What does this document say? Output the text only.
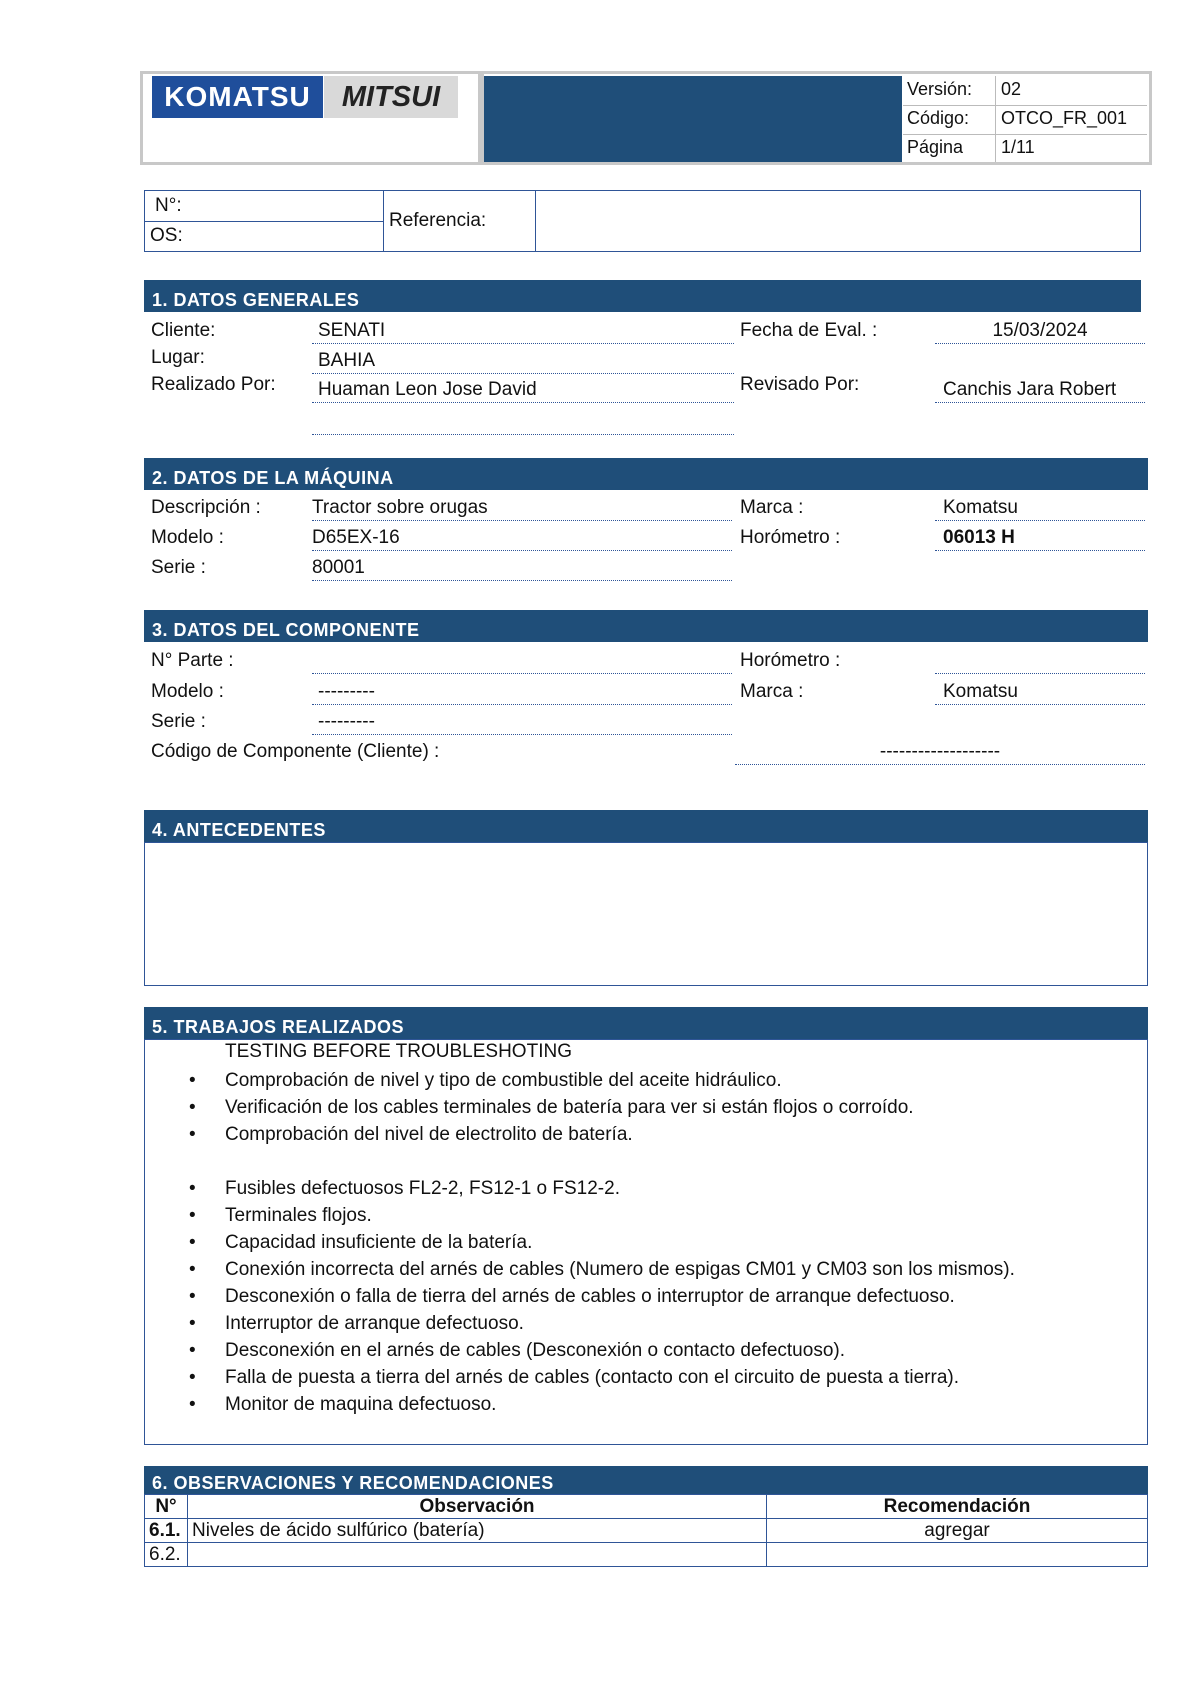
KOMATSU	MITSUI	Versión: 02
Código: OTCO_FR_001
Página 1/11
N°:
OS:
Referencia:
1. DATOS GENERALES
Cliente:	SENATI
Lugar:	BAHIA
Realizado Por:	Huaman Leon Jose David
Fecha de Eval. :	15/03/2024
Revisado Por:	Canchis Jara Robert
2. DATOS DE LA MÁQUINA
Descripción :	Tractor sobre orugas
Modelo :	D65EX-16
Serie :	80001
Marca :	Komatsu
Horómetro :	06013 H
3. DATOS DEL COMPONENTE
N° Parte :
Modelo :	---------
Serie :	---------
Código de Componente (Cliente) :	-------------------
Horómetro :
Marca :	Komatsu
4. ANTECEDENTES
5. TRABAJOS REALIZADOS
TESTING BEFORE TROUBLESHOTING
• Comprobación de nivel y tipo de combustible del aceite hidráulico.
• Verificación de los cables terminales de batería para ver si están flojos o corroído.
• Comprobación del nivel de electrolito de batería.
• Fusibles defectuosos FL2-2, FS12-1 o FS12-2.
• Terminales flojos.
• Capacidad insuficiente de la batería.
• Conexión incorrecta del arnés de cables (Numero de espigas CM01 y CM03 son los mismos).
• Desconexión o falla de tierra del arnés de cables o interruptor de arranque defectuoso.
• Interruptor de arranque defectuoso.
• Desconexión en el arnés de cables (Desconexión o contacto defectuoso).
• Falla de puesta a tierra del arnés de cables (contacto con el circuito de puesta a tierra).
• Monitor de maquina defectuoso.
6. OBSERVACIONES Y RECOMENDACIONES
N°	Observación	Recomendación
6.1.	Niveles de ácido sulfúrico (batería)	agregar
6.2.		
